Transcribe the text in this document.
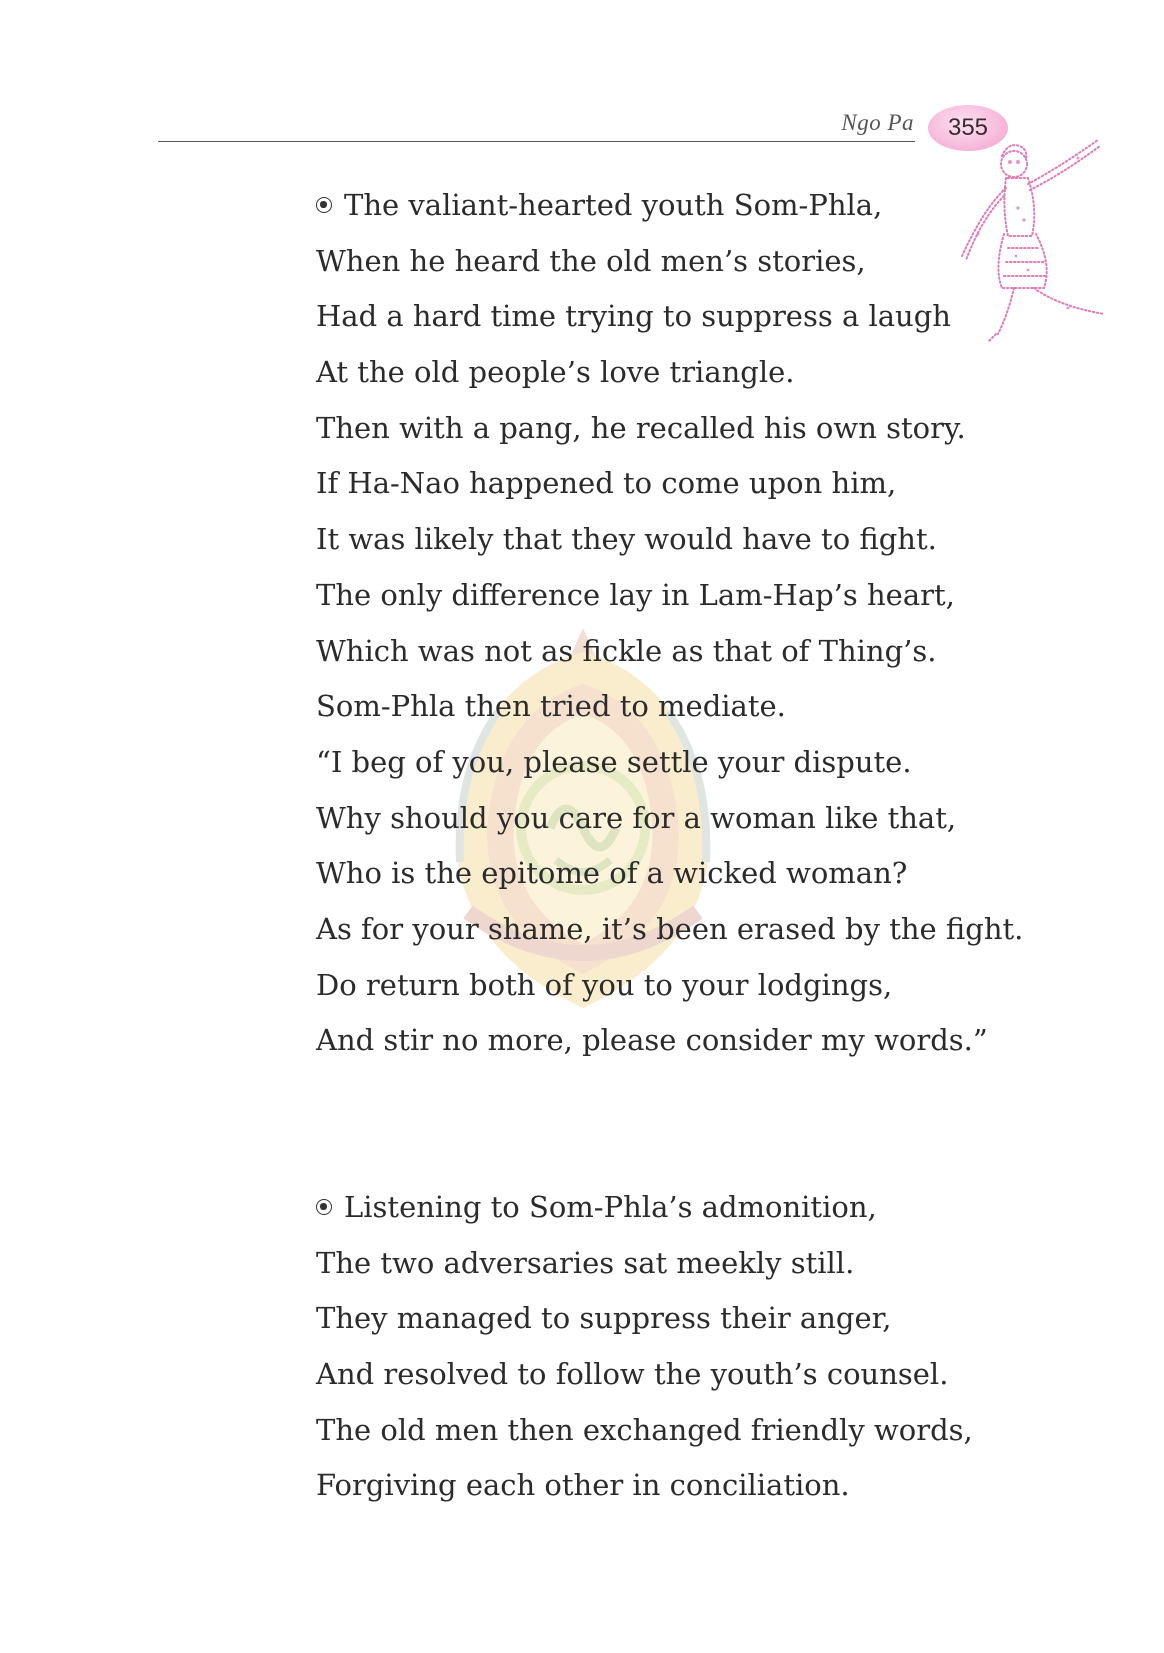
Ngo Pa 355
The valiant-hearted youth Som-Phla,
When he heard the old men’s stories,
Had a hard time trying to suppress a laugh
At the old people’s love triangle.
Then with a pang, he recalled his own story.
If Ha-Nao happened to come upon him,
It was likely that they would have to fight.
The only difference lay in Lam-Hap’s heart,
Which was not as fickle as that of Thing’s.
Som-Phla then tried to mediate.
“I beg of you, please settle your dispute.
Why should you care for a woman like that,
Who is the epitome of a wicked woman?
As for your shame, it’s been erased by the fight.
Do return both of you to your lodgings,
And stir no more, please consider my words.”
Listening to Som-Phla’s admonition,
The two adversaries sat meekly still.
They managed to suppress their anger,
And resolved to follow the youth’s counsel.
The old men then exchanged friendly words,
Forgiving each other in conciliation.
